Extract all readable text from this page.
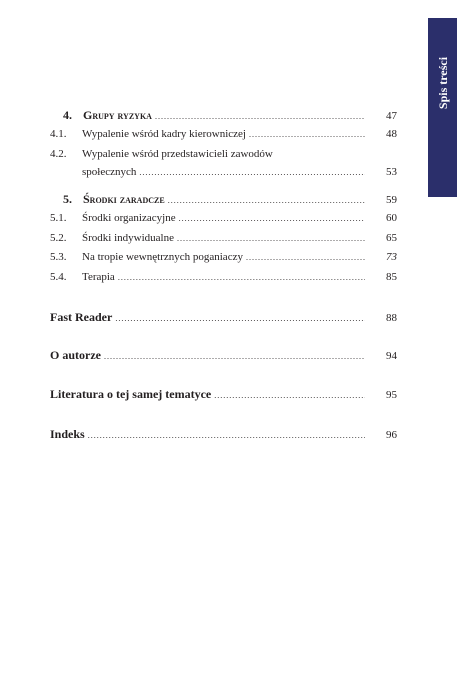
Spis treści
4. Grupy ryzyka .....	47
4.1.	Wypalenie wśród kadry kierowniczej .....	48
4.2.	Wypalenie wśród przedstawicieli zawodów
społecznych .....	53
5. Środki zaradcze .....	59
5.1.	Środki organizacyjne .....	60
5.2.	Środki indywidualne .....	65
5.3.	Na tropie wewnętrznych poganiaczy .....	73
5.4.	Terapia .....	85
Fast Reader .....	88
O autorze .....	94
Literatura o tej samej tematyce .....	95
Indeks .....	96
